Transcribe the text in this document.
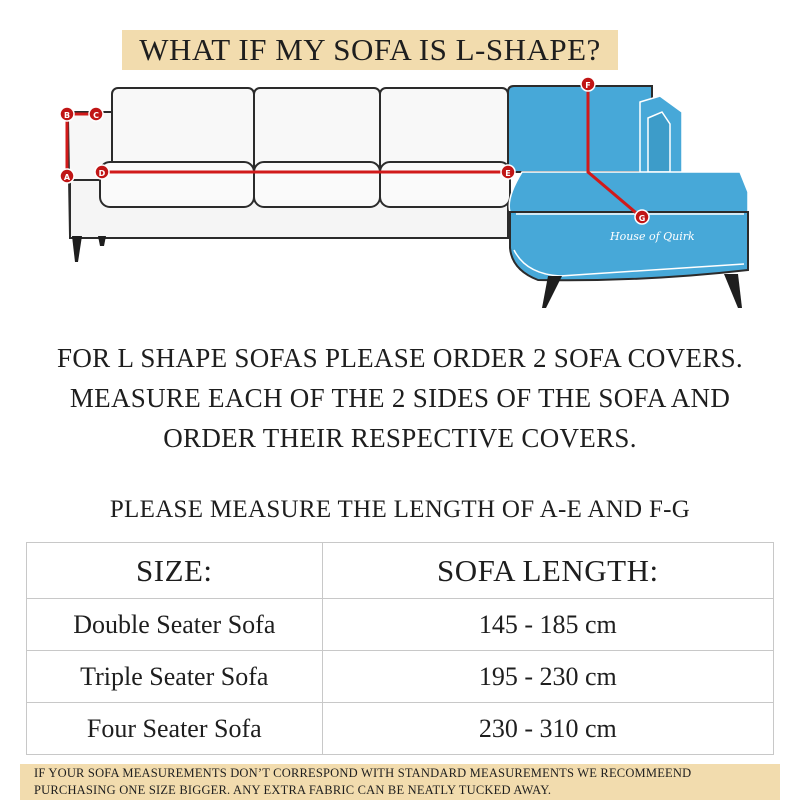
WHAT IF MY SOFA IS L-SHAPE?
House of Quirk
A
B	C
D	E
F
G
FOR L SHAPE SOFAS PLEASE ORDER 2 SOFA COVERS.
MEASURE EACH OF THE 2 SIDES OF THE SOFA AND
ORDER THEIR RESPECTIVE COVERS.
PLEASE MEASURE THE LENGTH OF A-E AND F-G
SIZE:	SOFA LENGTH:
Double Seater Sofa	145 - 185 cm
Triple Seater Sofa	195 - 230 cm
Four Seater Sofa	230 - 310 cm
IF YOUR SOFA MEASUREMENTS DON’T CORRESPOND WITH STANDARD MEASUREMENTS WE RECOMMEEND
PURCHASING ONE SIZE BIGGER. ANY EXTRA FABRIC CAN BE NEATLY TUCKED AWAY.
